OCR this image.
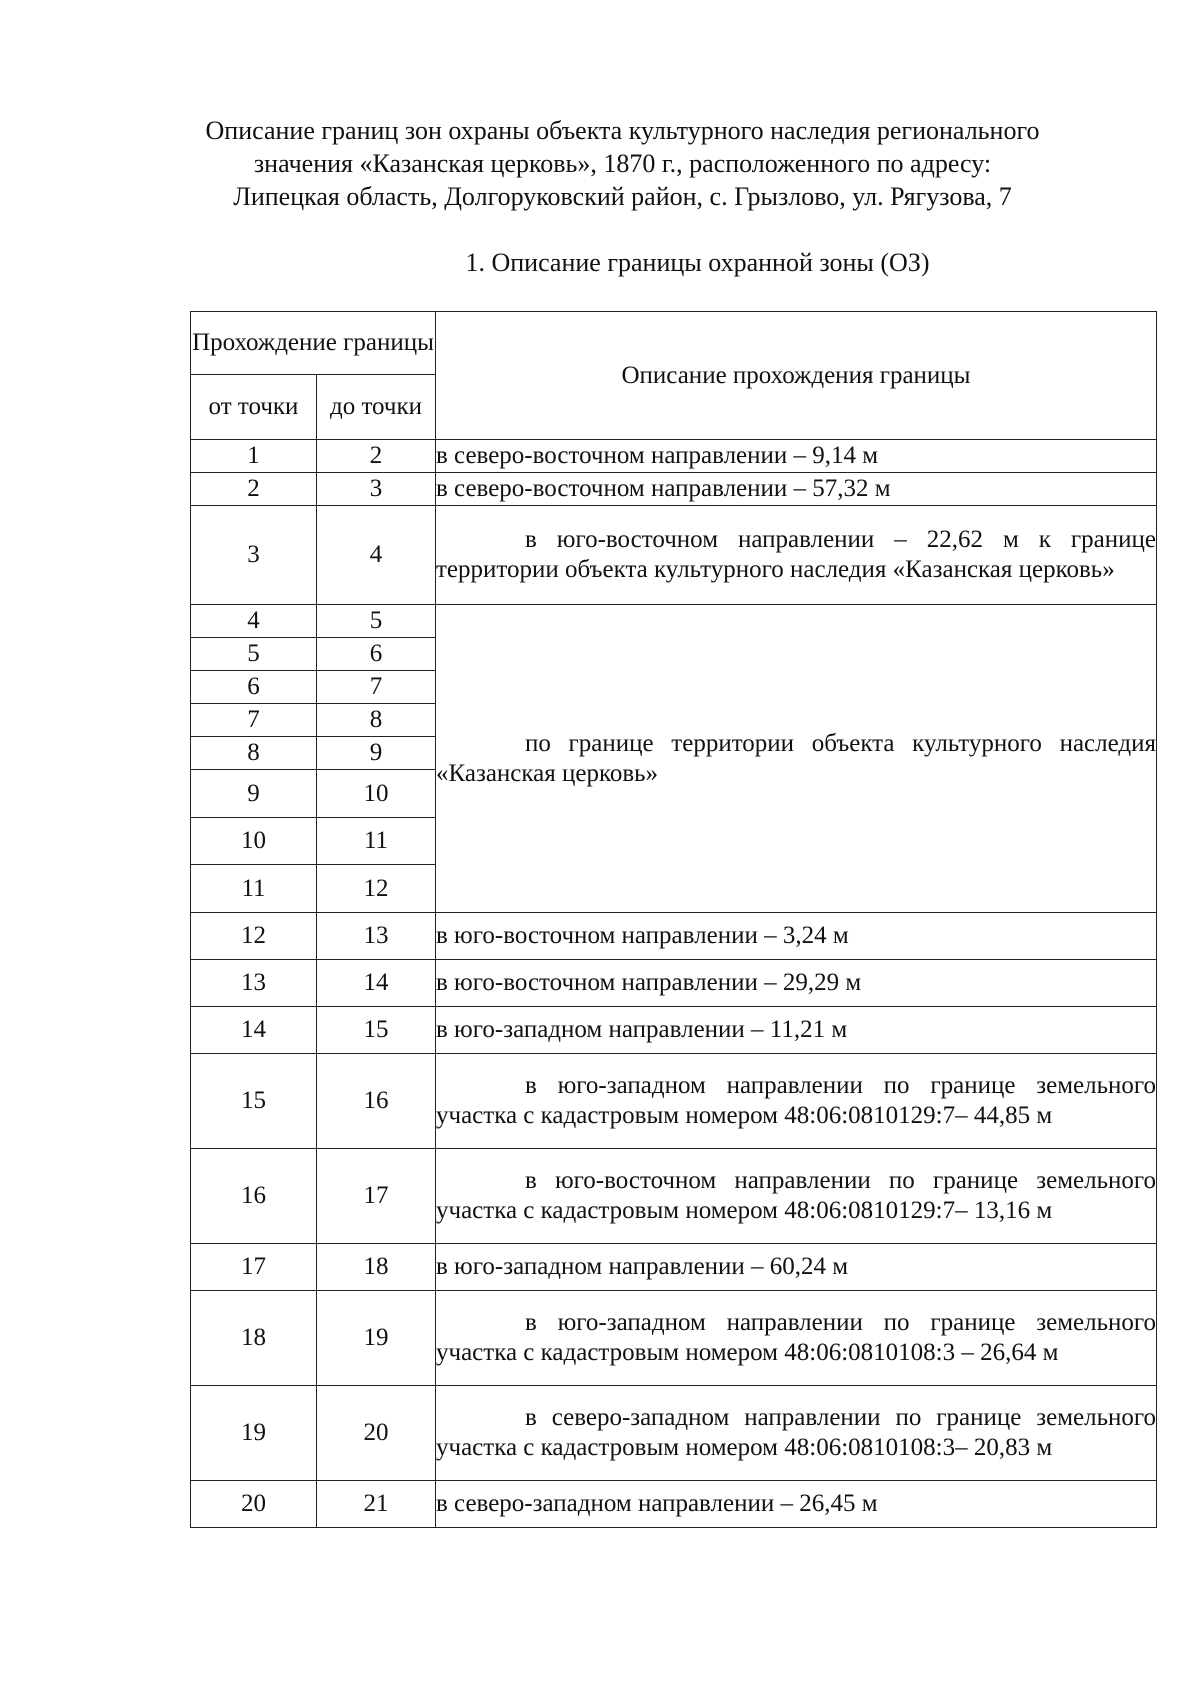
Описание границ зон охраны объекта культурного наследия регионального
значения «Казанская церковь», 1870 г., расположенного по адресу:
Липецкая область, Долгоруковский район, с. Грызлово, ул. Рягузова, 7
1. Описание границы охранной зоны (ОЗ)
Прохождение границы		Описание прохождения границы
от точки	до точки	
1	2	в северо-восточном направлении – 9,14 м
2	3	в северо-восточном направлении – 57,32 м
3	4	в юго-восточном направлении – 22,62 м к границе территории объекта культурного наследия «Казанская церковь»

4	5	по границе территории объекта культурного наследия «Казанская церковь»

5	6	
6	7	
7	8	
8	9	
9	10	
10	11	
11	12	
12	13	в юго-восточном направлении – 3,24 м
13	14	в юго-восточном направлении – 29,29 м
14	15	в юго-западном направлении – 11,21 м
15	16	в юго-западном направлении по границе земельного участка с кадастровым номером 48:06:0810129:7– 44,85 м

16	17	в юго-восточном направлении по границе земельного участка с кадастровым номером 48:06:0810129:7– 13,16 м

17	18	в юго-западном направлении – 60,24 м
18	19	в юго-западном направлении по границе земельного участка с кадастровым номером 48:06:0810108:3 – 26,64 м

19	20	в северо-западном направлении по границе земельного участка с кадастровым номером 48:06:0810108:3– 20,83 м

20	21	в северо-западном направлении – 26,45 м
